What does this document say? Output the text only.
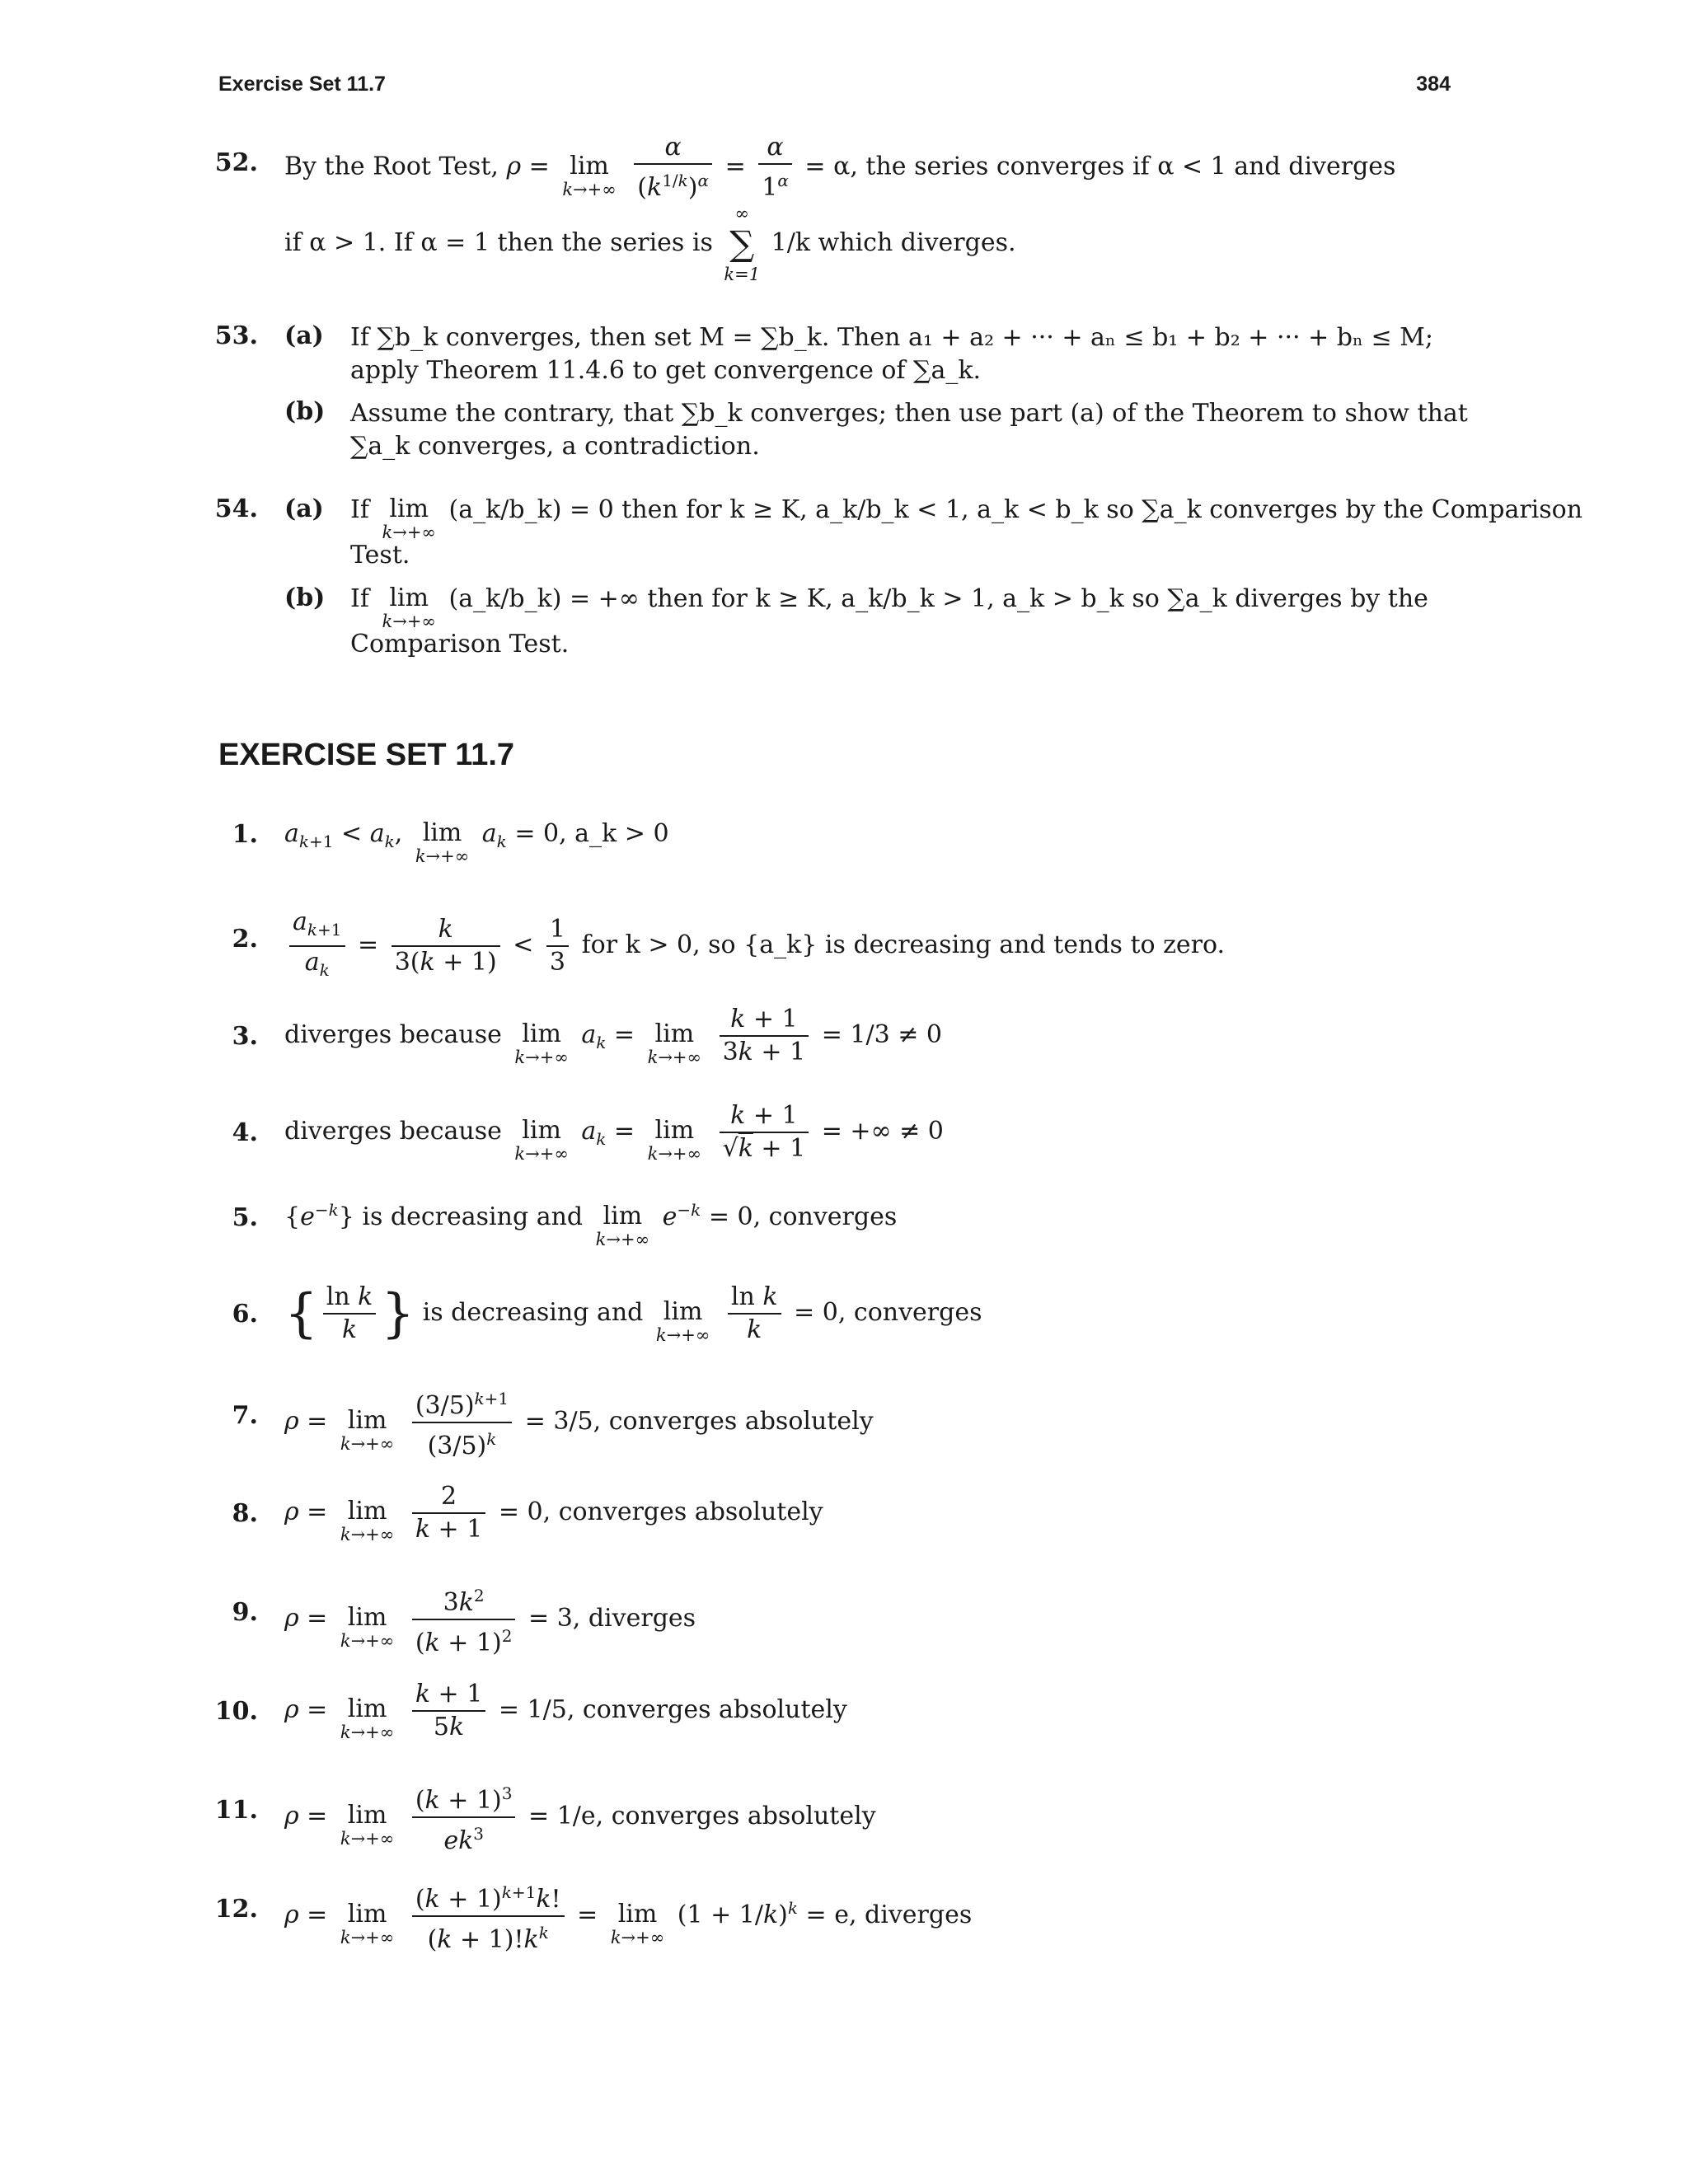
Exercise Set 11.7	384
52. By the Root Test, ρ = lim
k→+∞
$\frac{\alpha}{(k^{1/k})^\alpha} = \frac{\alpha}{1^\alpha} = \alpha$, the series converges if α < 1 and diverges
if α > 1. If α = 1 then the series is
∞
∑
k=1
1/k which diverges.
53. (a) If ∑b_k converges, then set M = ∑b_k. Then a₁ + a₂ + ··· + aₙ ≤ b₁ + b₂ + ··· + bₙ ≤ M;
apply Theorem 11.4.6 to get convergence of ∑a_k.
(b) Assume the contrary, that ∑b_k converges; then use part (a) of the Theorem to show that
∑a_k converges, a contradiction.
54. (a) If lim
k→+∞
(a_k/b_k) = 0 then for k ≥ K, a_k/b_k < 1, a_k < b_k so ∑a_k converges by the Comparison
Test.
(b) If lim
k→+∞
(a_k/b_k) = +∞ then for k ≥ K, a_k/b_k > 1, a_k > b_k so ∑a_k diverges by the
Comparison Test.
EXERCISE SET 11.7
1. $a_{k+1} < a_k$, lim
k→+∞
$a_k = 0$, a_k > 0
2. $\frac{a_{k+1}}{a_k} = \frac{k}{3(k + 1)} < \frac{1}{3}$ for k > 0, so {a_k} is decreasing and tends to zero.
3. diverges because lim
k→+∞
$a_k = \lim$
k→+∞
$\frac{k + 1}{3k + 1} = 1/3 \ne 0$
4. diverges because lim
k→+∞
$a_k = \lim$
k→+∞
$\frac{k + 1}{√k + 1}$ = +∞ ≠ 0
5. $\{e^{-k}\}$ is decreasing and lim
k→+∞
$e^{-k} = 0$, converges
6. { $\frac{\text{ln k}}{k}$ } is decreasing and lim
k→+∞
$\frac{\text{ln k}}{k} = 0$, converges
7. ρ = lim
k→+∞
$\frac{(3/5)^{k+1}}{(3/5)^k} = 3/5$, converges absolutely
8. ρ = lim
k→+∞
$\frac{2}{k + 1} = 0$, converges absolutely
9. ρ = lim
k→+∞
$\frac{3k^2}{(k + 1)^2} = 3$, diverges
10. ρ = lim
k→+∞
$\frac{k + 1}{5k} = 1/5$, converges absolutely
11. ρ = lim
k→+∞
$\frac{(k + 1)^3}{ek^3} = 1/e$, converges absolutely
12. ρ = lim
k→+∞
$\frac{(k + 1)^{k+1}k!}{(k + 1)!k^k} = \lim$
k→+∞
$(1 + 1/k)^k = e$, diverges
